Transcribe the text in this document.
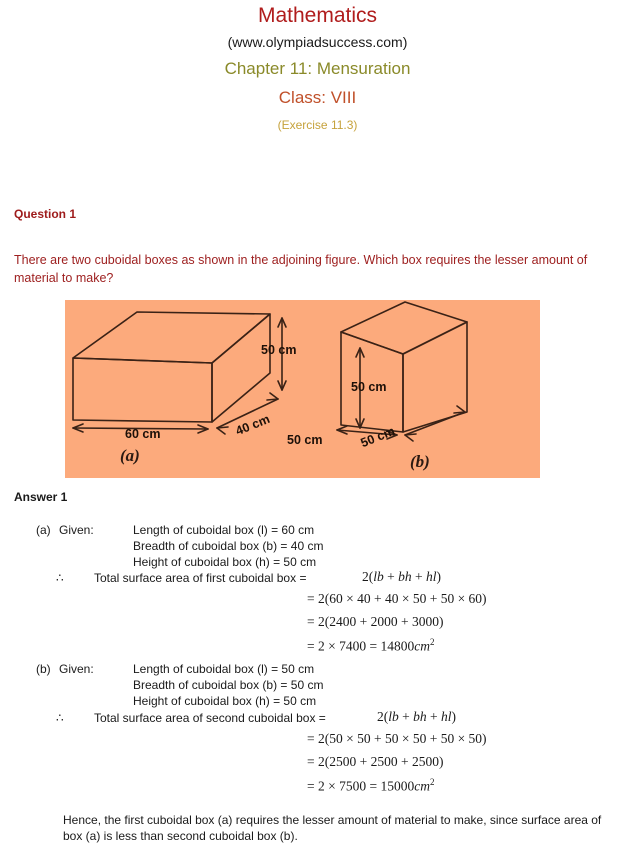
Mathematics
(www.olympiadsuccess.com)
Chapter 11: Mensuration
Class: VIII
(Exercise 11.3)
Question 1
There are two cuboidal boxes as shown in the adjoining figure. Which box requires the lesser amount of material to make?
50 cm
60 cm	40 cm
(a)
50 cm
50 cm	50 cm
(b)
Answer 1
(a) Given:	Length of cuboidal box (l) = 60 cm
Breadth of cuboidal box (b) = 40 cm
Height of cuboidal box (h) = 50 cm
∴	Total surface area of first cuboidal box =	2(lb + bh + hl)
= 2(60 × 40 + 40 × 50 + 50 × 60)
= 2(2400 + 2000 + 3000)
= $2 \times 7400 = 14800cm^2$
(b) Given:	Length of cuboidal box (l) = 50 cm
Breadth of cuboidal box (b) = 50 cm
Height of cuboidal box (h) = 50 cm
∴	Total surface area of second cuboidal box =	2(lb + bh + hl)
= 2(50 × 50 + 50 × 50 + 50 × 50)
= 2(2500 + 2500 + 2500)
= $2 \times 7500 = 15000cm^2$
Hence, the first cuboidal box (a) requires the lesser amount of material to make, since surface area of box (a) is less than second cuboidal box (b).
